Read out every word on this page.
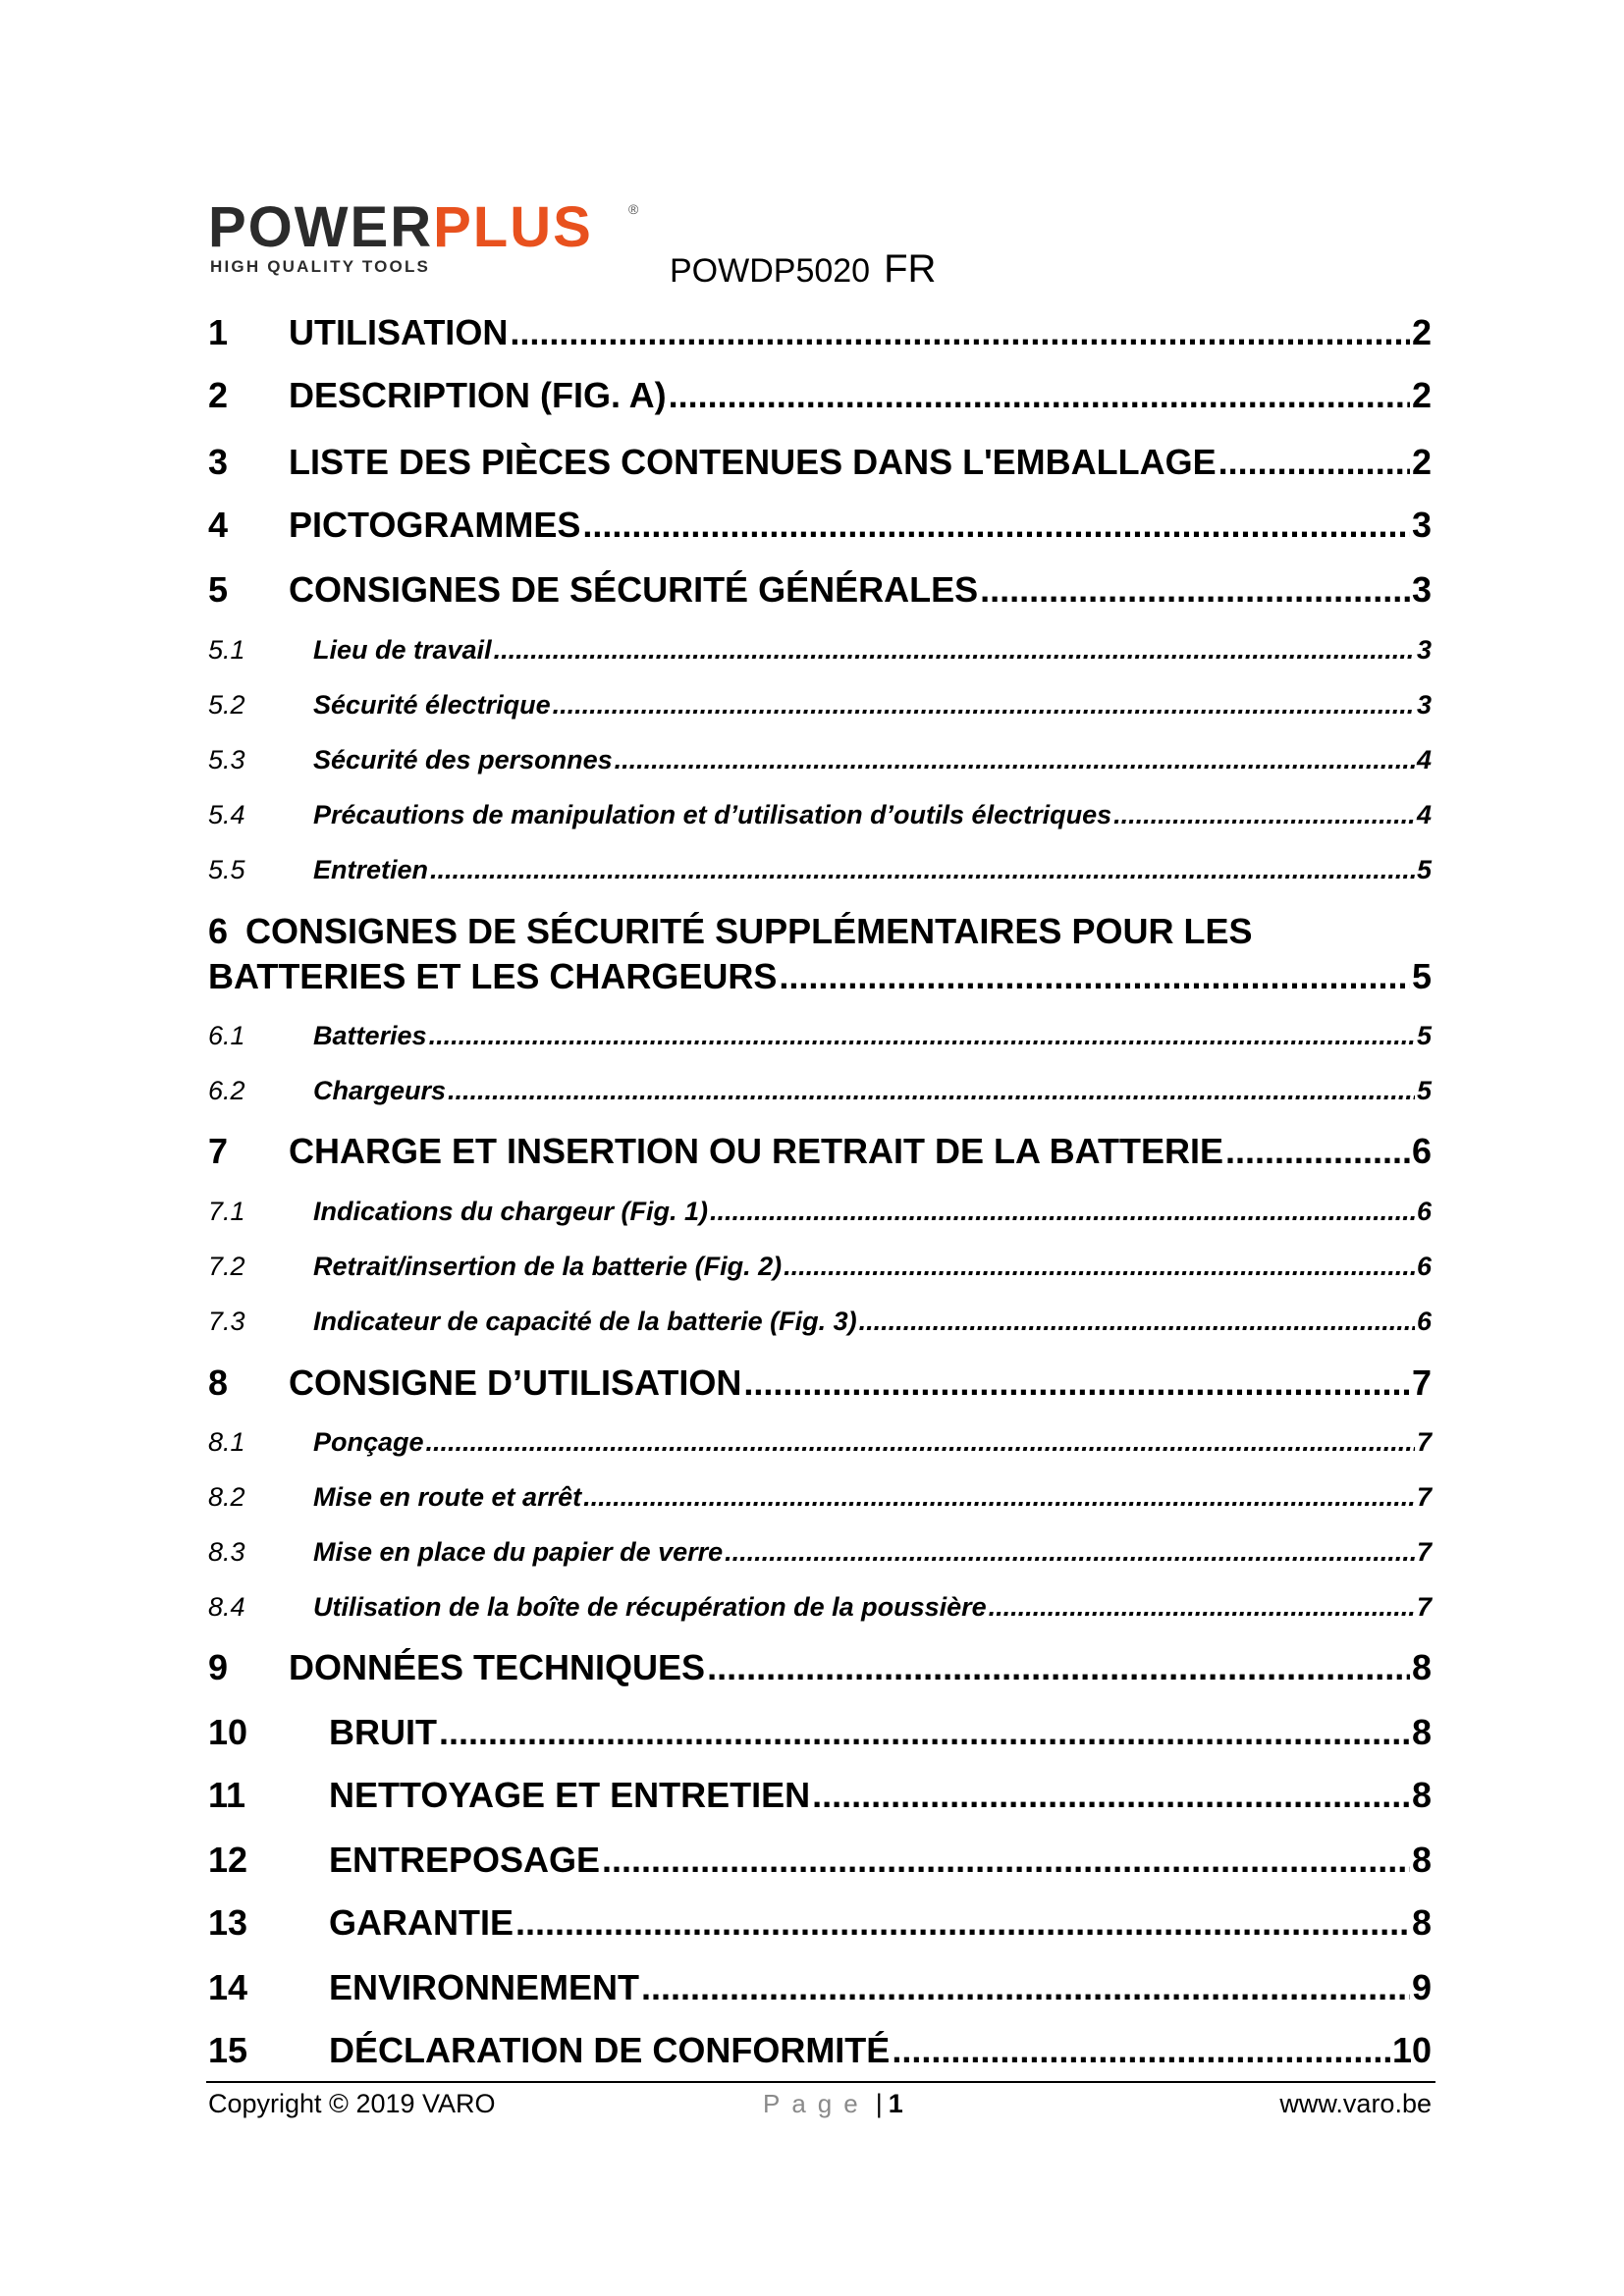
POWERPLUS
HIGH QUALITY TOOLS
®
POWDP5020 FR
1	UTILISATION .....	2
2	DESCRIPTION (FIG. A) .....	2
3	LISTE DES PIÈCES CONTENUES DANS L'EMBALLAGE .....	2
4	PICTOGRAMMES .....	3
5	CONSIGNES DE SÉCURITÉ GÉNÉRALES .....	3
5.1	Lieu de travail .....	3
5.2	Sécurité électrique .....	3
5.3	Sécurité des personnes .....	4
5.4	Précautions de manipulation et d’utilisation d’outils électriques .....	4
5.5	Entretien .....	5
6 CONSIGNES DE SÉCURITÉ SUPPLÉMENTAIRES POUR LES
BATTERIES ET LES CHARGEURS .....	5
6.1	Batteries .....	5
6.2	Chargeurs .....	5
7	CHARGE ET INSERTION OU RETRAIT DE LA BATTERIE .....	6
7.1	Indications du chargeur (Fig. 1) .....	6
7.2	Retrait/insertion de la batterie (Fig. 2) .....	6
7.3	Indicateur de capacité de la batterie (Fig. 3) .....	6
8	CONSIGNE D’UTILISATION .....	7
8.1	Ponçage .....	7
8.2	Mise en route et arrêt .....	7
8.3	Mise en place du papier de verre .....	7
8.4	Utilisation de la boîte de récupération de la poussière .....	7
9	DONNÉES TECHNIQUES .....	8
10	BRUIT .....	8
11	NETTOYAGE ET ENTRETIEN .....	8
12	ENTREPOSAGE .....	8
13	GARANTIE .....	8
14	ENVIRONNEMENT .....	9
15	DÉCLARATION DE CONFORMITÉ .....	10
Copyright © 2019 VARO	Page | 1	www.varo.be
